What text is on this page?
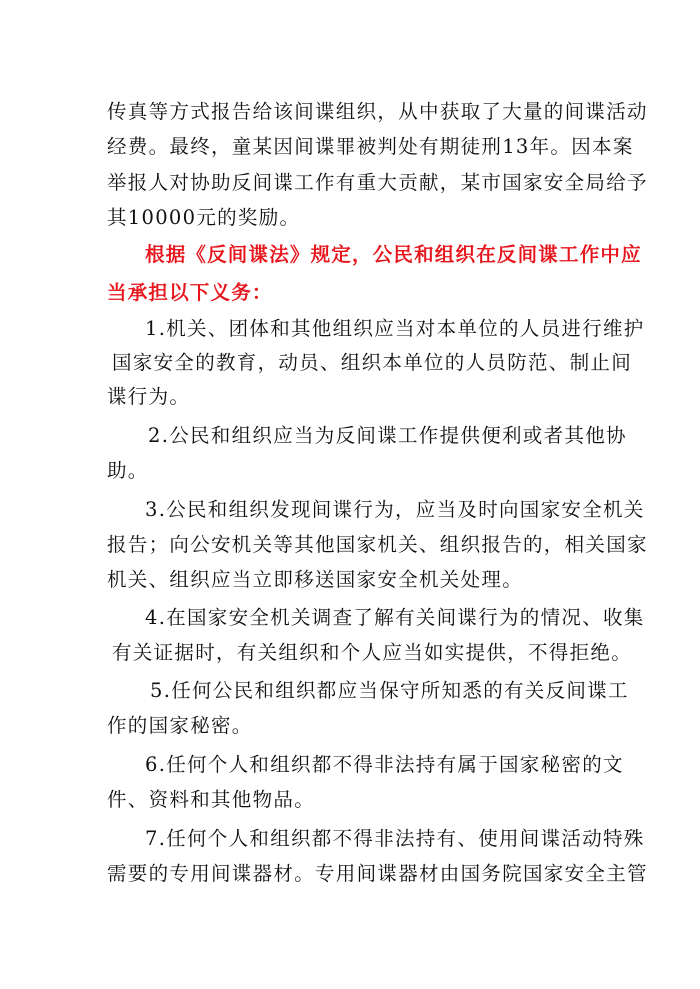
传真等方式报告给该间谍组织，从中获取了大量的间谍活动
经费。最终，童某因间谍罪被判处有期徒刑13年。因本案
举报人对协助反间谍工作有重大贡献，某市国家安全局给予
其10000元的奖励。
根据《反间谍法》规定，公民和组织在反间谍工作中应
当承担以下义务：
1.机关、团体和其他组织应当对本单位的人员进行维护
国家安全的教育，动员、组织本单位的人员防范、制止间
谍行为。
2.公民和组织应当为反间谍工作提供便利或者其他协
助。
3.公民和组织发现间谍行为，应当及时向国家安全机关
报告；向公安机关等其他国家机关、组织报告的，相关国家
机关、组织应当立即移送国家安全机关处理。
4.在国家安全机关调查了解有关间谍行为的情况、收集
有关证据时，有关组织和个人应当如实提供，不得拒绝。
5.任何公民和组织都应当保守所知悉的有关反间谍工
作的国家秘密。
6.任何个人和组织都不得非法持有属于国家秘密的文
件、资料和其他物品。
7.任何个人和组织都不得非法持有、使用间谍活动特殊
需要的专用间谍器材。专用间谍器材由国务院国家安全主管
